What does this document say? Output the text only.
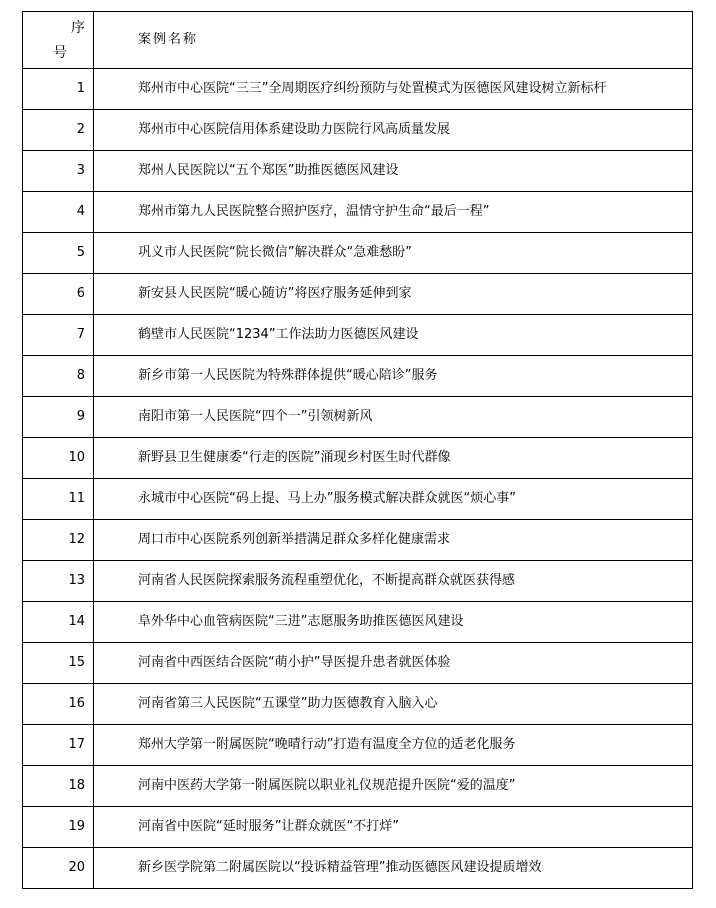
序
号	案例名称
1	郑州市中心医院“三三”全周期医疗纠纷预防与处置模式为医德医风建设树立新标杆
2	郑州市中心医院信用体系建设助力医院行风高质量发展
3	郑州人民医院以“五个郑医”助推医德医风建设
4	郑州市第九人民医院整合照护医疗，温情守护生命“最后一程”
5	巩义市人民医院“院长微信”解决群众“急难愁盼”
6	新安县人民医院“暖心随访”将医疗服务延伸到家
7	鹤壁市人民医院“1234”工作法助力医德医风建设
8	新乡市第一人民医院为特殊群体提供“暖心陪诊”服务
9	南阳市第一人民医院“四个一”引领树新风
10	新野县卫生健康委“行走的医院”涌现乡村医生时代群像
11	永城市中心医院“码上提、马上办”服务模式解决群众就医“烦心事”
12	周口市中心医院系列创新举措满足群众多样化健康需求
13	河南省人民医院探索服务流程重塑优化，不断提高群众就医获得感
14	阜外华中心血管病医院“三进”志愿服务助推医德医风建设
15	河南省中西医结合医院“萌小护”导医提升患者就医体验
16	河南省第三人民医院“五课堂”助力医德教育入脑入心
17	郑州大学第一附属医院“晚晴行动”打造有温度全方位的适老化服务
18	河南中医药大学第一附属医院以职业礼仪规范提升医院“爱的温度”
19	河南省中医院“延时服务”让群众就医“不打烊”
20	新乡医学院第二附属医院以“投诉精益管理”推动医德医风建设提质增效
